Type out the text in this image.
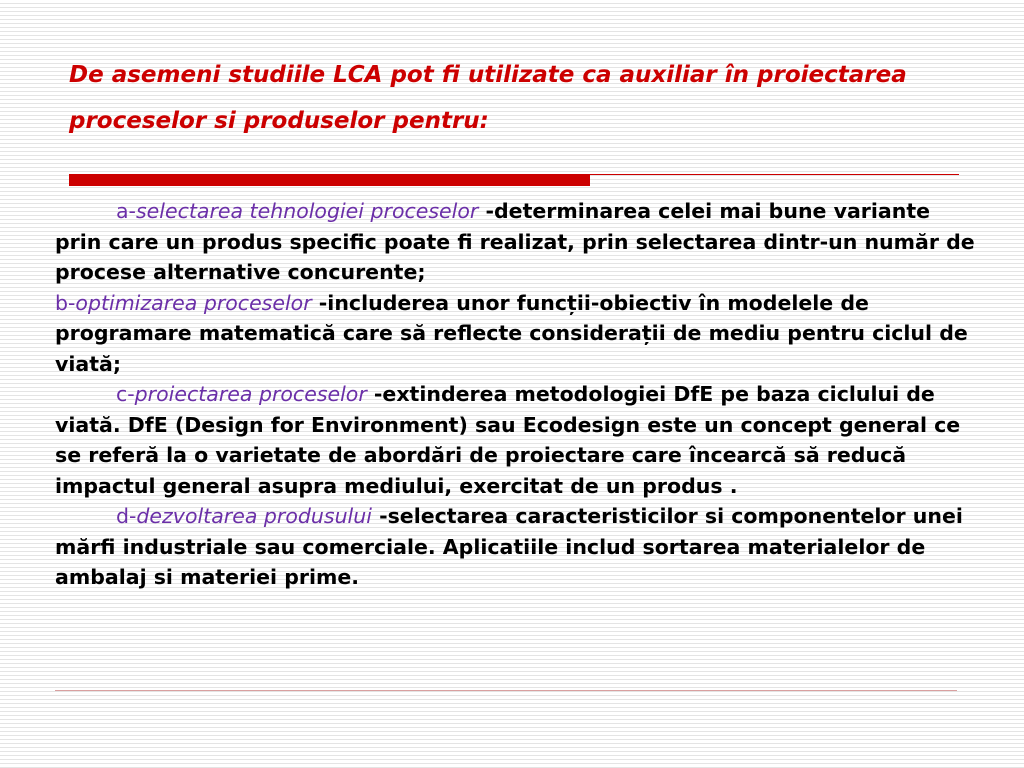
De asemeni studiile LCA pot fi utilizate ca auxiliar în proiectarea proceselor si produselor pentru:

a-selectarea tehnologiei proceselor -determinarea celei mai bune variante prin care un produs specific poate fi realizat, prin selectarea dintr-un număr de procese alternative concurente;

b-optimizarea proceselor -includerea unor funcții-obiectiv în modelele de programare matematică care să reflecte considerații de mediu pentru ciclul de viată;

c-proiectarea proceselor -extinderea metodologiei DfE pe baza ciclului de viată. DfE (Design for Environment) sau Ecodesign este un concept general ce se referă la o varietate de abordări de proiectare care încearcă să reducă impactul general asupra mediului, exercitat de un produs .

d-dezvoltarea produsului -selectarea caracteristicilor si componentelor unei mărfi industriale sau comerciale. Aplicatiile includ sortarea materialelor de ambalaj si materiei prime.
